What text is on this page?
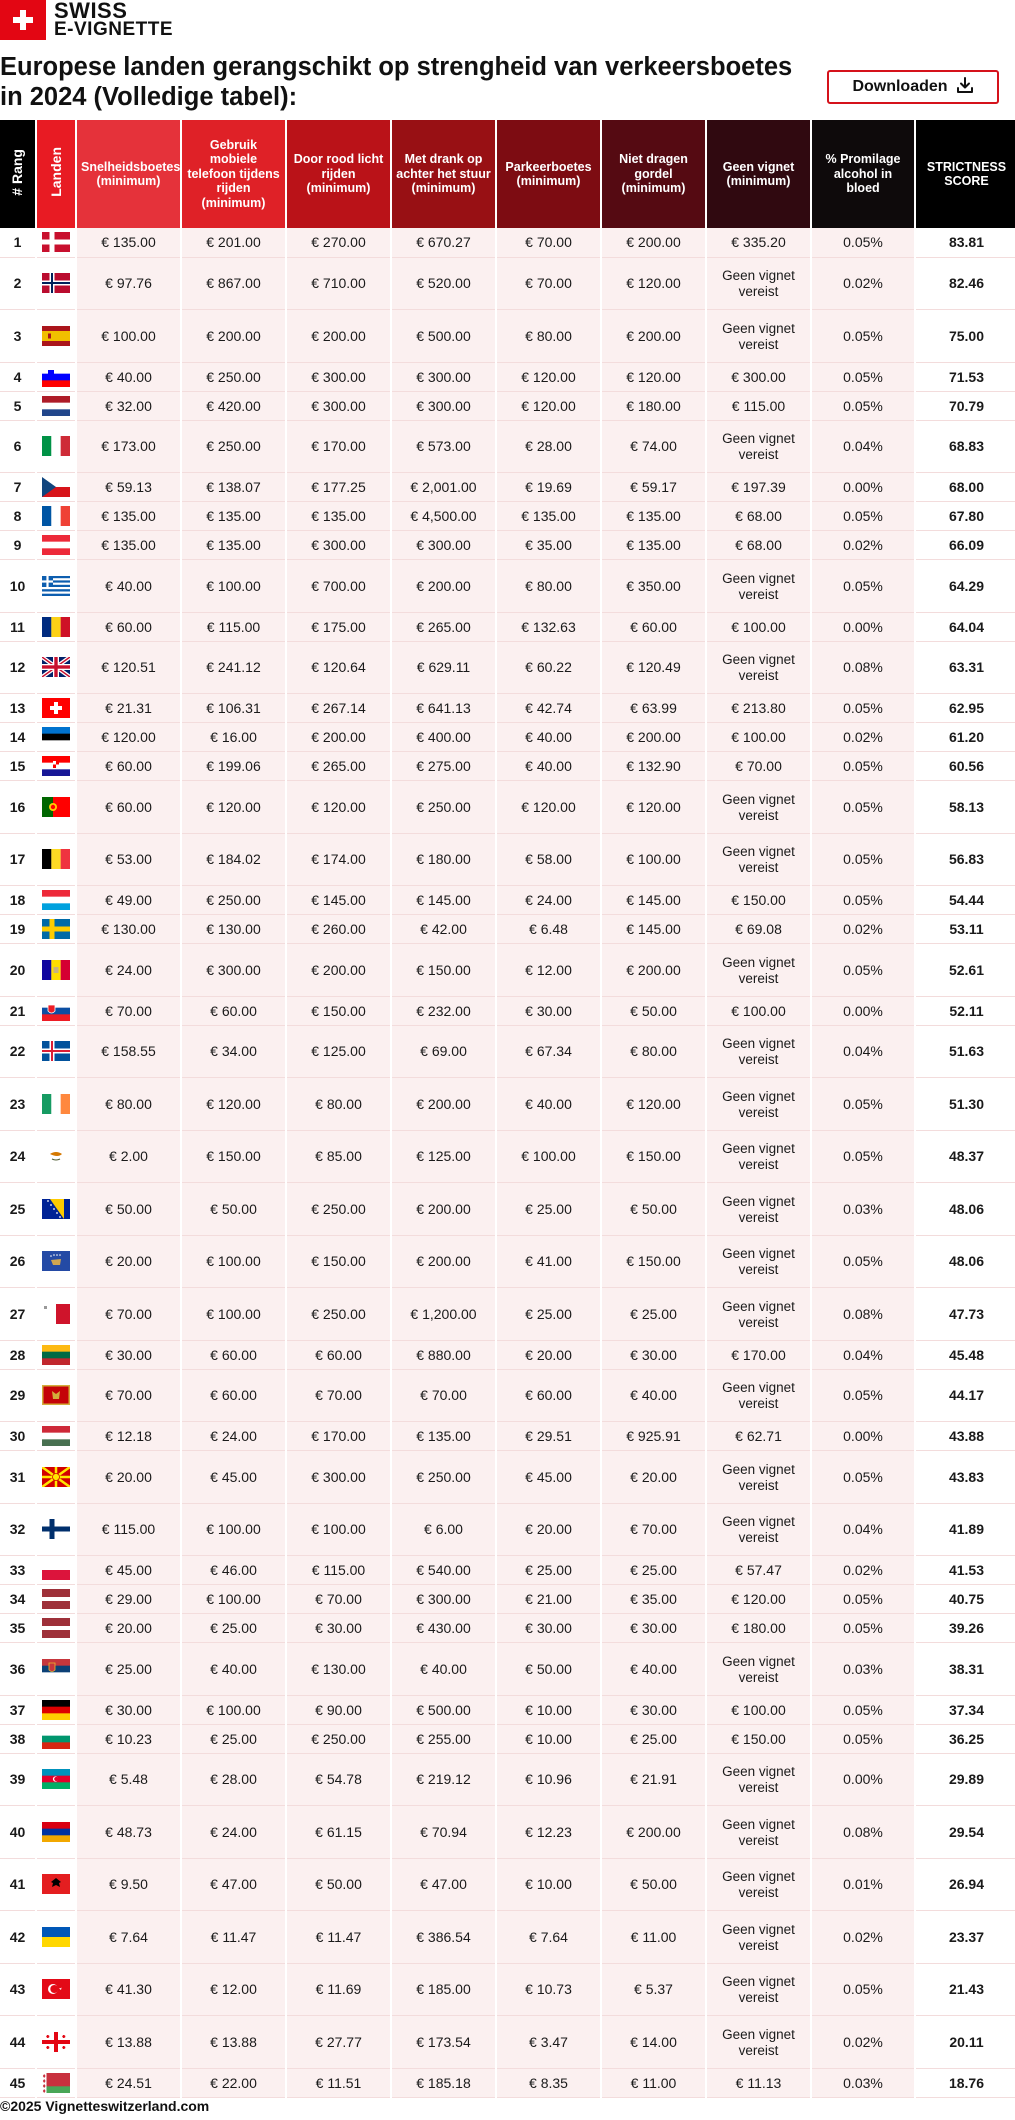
SWISS
E-VIGNETTE
Europese landen gerangschikt op strengheid van verkeersboetes in 2024 (Volledige tabel):	Downloaden
# Rang	Landen	Snelheidsboetes (minimum)	Gebruik mobiele telefoon tijdens rijden (minimum)	Door rood licht rijden (minimum)	Met drank op achter het stuur (minimum)	Parkeerboetes (minimum)	Niet dragen gordel (minimum)	Geen vignet (minimum)	% Promilage alcohol in bloed	STRICTNESS SCORE
1		€ 135.00	€ 201.00	€ 270.00	€ 670.27	€ 70.00	€ 200.00	€ 335.20	0.05%	83.81
2		€ 97.76	€ 867.00	€ 710.00	€ 520.00	€ 70.00	€ 120.00	Geen vignet vereist	0.02%	82.46
3		€ 100.00	€ 200.00	€ 200.00	€ 500.00	€ 80.00	€ 200.00	Geen vignet vereist	0.05%	75.00
4		€ 40.00	€ 250.00	€ 300.00	€ 300.00	€ 120.00	€ 120.00	€ 300.00	0.05%	71.53
5		€ 32.00	€ 420.00	€ 300.00	€ 300.00	€ 120.00	€ 180.00	€ 115.00	0.05%	70.79
6		€ 173.00	€ 250.00	€ 170.00	€ 573.00	€ 28.00	€ 74.00	Geen vignet vereist	0.04%	68.83
7		€ 59.13	€ 138.07	€ 177.25	€ 2,001.00	€ 19.69	€ 59.17	€ 197.39	0.00%	68.00
8		€ 135.00	€ 135.00	€ 135.00	€ 4,500.00	€ 135.00	€ 135.00	€ 68.00	0.05%	67.80
9		€ 135.00	€ 135.00	€ 300.00	€ 300.00	€ 35.00	€ 135.00	€ 68.00	0.02%	66.09
10		€ 40.00	€ 100.00	€ 700.00	€ 200.00	€ 80.00	€ 350.00	Geen vignet vereist	0.05%	64.29
11		€ 60.00	€ 115.00	€ 175.00	€ 265.00	€ 132.63	€ 60.00	€ 100.00	0.00%	64.04
12		€ 120.51	€ 241.12	€ 120.64	€ 629.11	€ 60.22	€ 120.49	Geen vignet vereist	0.08%	63.31
13		€ 21.31	€ 106.31	€ 267.14	€ 641.13	€ 42.74	€ 63.99	€ 213.80	0.05%	62.95
14		€ 120.00	€ 16.00	€ 200.00	€ 400.00	€ 40.00	€ 200.00	€ 100.00	0.02%	61.20
15		€ 60.00	€ 199.06	€ 265.00	€ 275.00	€ 40.00	€ 132.90	€ 70.00	0.05%	60.56
16		€ 60.00	€ 120.00	€ 120.00	€ 250.00	€ 120.00	€ 120.00	Geen vignet vereist	0.05%	58.13
17		€ 53.00	€ 184.02	€ 174.00	€ 180.00	€ 58.00	€ 100.00	Geen vignet vereist	0.05%	56.83
18		€ 49.00	€ 250.00	€ 145.00	€ 145.00	€ 24.00	€ 145.00	€ 150.00	0.05%	54.44
19		€ 130.00	€ 130.00	€ 260.00	€ 42.00	€ 6.48	€ 145.00	€ 69.08	0.02%	53.11
20		€ 24.00	€ 300.00	€ 200.00	€ 150.00	€ 12.00	€ 200.00	Geen vignet vereist	0.05%	52.61
21		€ 70.00	€ 60.00	€ 150.00	€ 232.00	€ 30.00	€ 50.00	€ 100.00	0.00%	52.11
22		€ 158.55	€ 34.00	€ 125.00	€ 69.00	€ 67.34	€ 80.00	Geen vignet vereist	0.04%	51.63
23		€ 80.00	€ 120.00	€ 80.00	€ 200.00	€ 40.00	€ 120.00	Geen vignet vereist	0.05%	51.30
24		€ 2.00	€ 150.00	€ 85.00	€ 125.00	€ 100.00	€ 150.00	Geen vignet vereist	0.05%	48.37
25		€ 50.00	€ 50.00	€ 250.00	€ 200.00	€ 25.00	€ 50.00	Geen vignet vereist	0.03%	48.06
26		€ 20.00	€ 100.00	€ 150.00	€ 200.00	€ 41.00	€ 150.00	Geen vignet vereist	0.05%	48.06
27		€ 70.00	€ 100.00	€ 250.00	€ 1,200.00	€ 25.00	€ 25.00	Geen vignet vereist	0.08%	47.73
28		€ 30.00	€ 60.00	€ 60.00	€ 880.00	€ 20.00	€ 30.00	€ 170.00	0.04%	45.48
29		€ 70.00	€ 60.00	€ 70.00	€ 70.00	€ 60.00	€ 40.00	Geen vignet vereist	0.05%	44.17
30		€ 12.18	€ 24.00	€ 170.00	€ 135.00	€ 29.51	€ 925.91	€ 62.71	0.00%	43.88
31		€ 20.00	€ 45.00	€ 300.00	€ 250.00	€ 45.00	€ 20.00	Geen vignet vereist	0.05%	43.83
32		€ 115.00	€ 100.00	€ 100.00	€ 6.00	€ 20.00	€ 70.00	Geen vignet vereist	0.04%	41.89
33		€ 45.00	€ 46.00	€ 115.00	€ 540.00	€ 25.00	€ 25.00	€ 57.47	0.02%	41.53
34		€ 29.00	€ 100.00	€ 70.00	€ 300.00	€ 21.00	€ 35.00	€ 120.00	0.05%	40.75
35		€ 20.00	€ 25.00	€ 30.00	€ 430.00	€ 30.00	€ 30.00	€ 180.00	0.05%	39.26
36		€ 25.00	€ 40.00	€ 130.00	€ 40.00	€ 50.00	€ 40.00	Geen vignet vereist	0.03%	38.31
37		€ 30.00	€ 100.00	€ 90.00	€ 500.00	€ 10.00	€ 30.00	€ 100.00	0.05%	37.34
38		€ 10.23	€ 25.00	€ 250.00	€ 255.00	€ 10.00	€ 25.00	€ 150.00	0.05%	36.25
39		€ 5.48	€ 28.00	€ 54.78	€ 219.12	€ 10.96	€ 21.91	Geen vignet vereist	0.00%	29.89
40		€ 48.73	€ 24.00	€ 61.15	€ 70.94	€ 12.23	€ 200.00	Geen vignet vereist	0.08%	29.54
41		€ 9.50	€ 47.00	€ 50.00	€ 47.00	€ 10.00	€ 50.00	Geen vignet vereist	0.01%	26.94
42		€ 7.64	€ 11.47	€ 11.47	€ 386.54	€ 7.64	€ 11.00	Geen vignet vereist	0.02%	23.37
43		€ 41.30	€ 12.00	€ 11.69	€ 185.00	€ 10.73	€ 5.37	Geen vignet vereist	0.05%	21.43
44		€ 13.88	€ 13.88	€ 27.77	€ 173.54	€ 3.47	€ 14.00	Geen vignet vereist	0.02%	20.11
45		€ 24.51	€ 22.00	€ 11.51	€ 185.18	€ 8.35	€ 11.00	€ 11.13	0.03%	18.76
©2025 Vignetteswitzerland.com
